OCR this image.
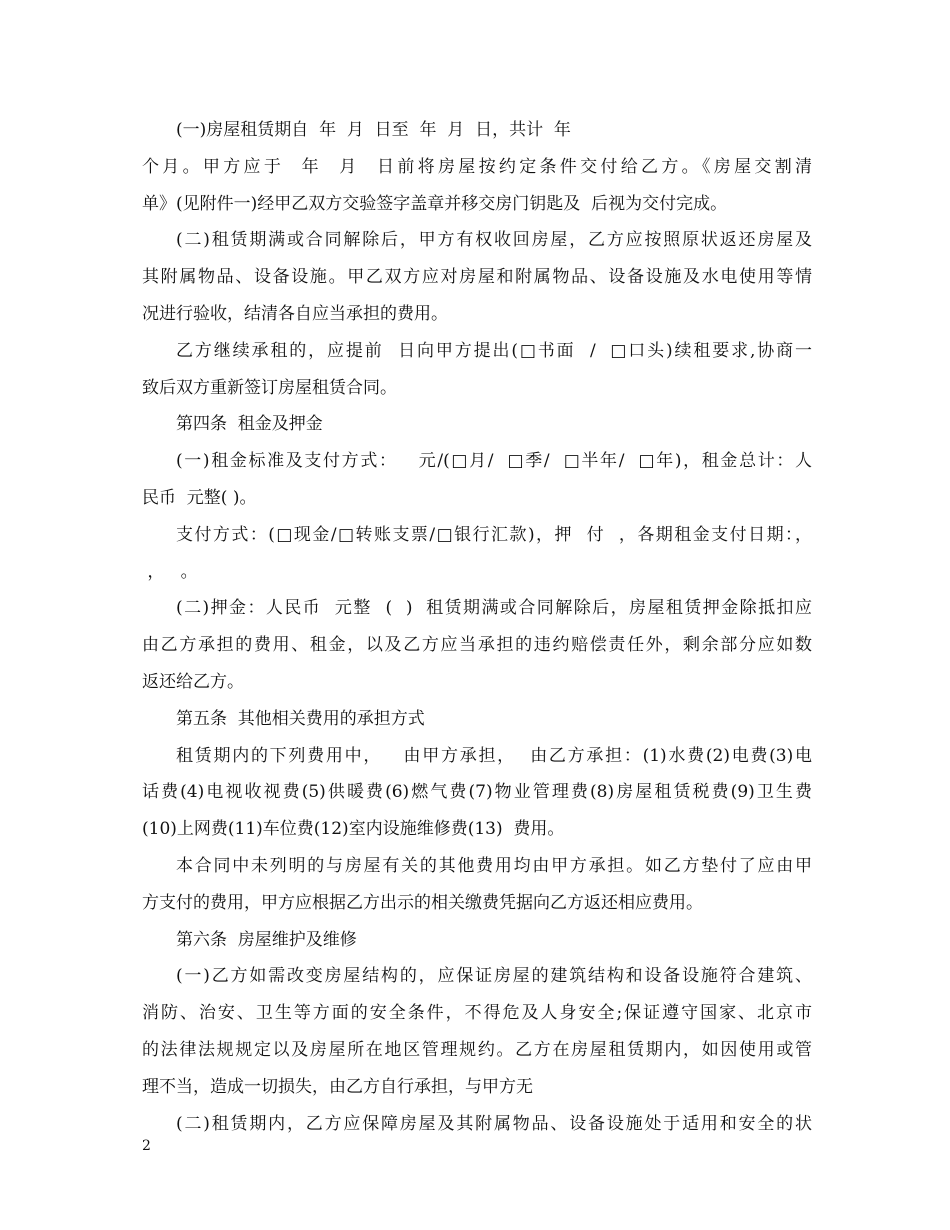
(一)房屋租赁期自  年  月  日至  年  月  日，共计  年
个月。甲方应于  年  月  日前将房屋按约定条件交付给乙方。《房屋交割清
单》(见附件一)经甲乙双方交验签字盖章并移交房门钥匙及  后视为交付完成。
(二)租赁期满或合同解除后，甲方有权收回房屋，乙方应按照原状返还房屋及
其附属物品、设备设施。甲乙双方应对房屋和附属物品、设备设施及水电使用等情
况进行验收，结清各自应当承担的费用。
乙方继续承租的，应提前  日向甲方提出(□书面  /  □口头)续租要求,协商一
致后双方重新签订房屋租赁合同。
第四条  租金及押金
(一)租金标准及支付方式：   元/(□月/  □季/  □半年/  □年)，租金总计：人
民币  元整( )。
支付方式：(□现金/□转账支票/□银行汇款)，押  付  ，各期租金支付日期：，
，   。
(二)押金：人民币  元整  (  )  租赁期满或合同解除后，房屋租赁押金除抵扣应
由乙方承担的费用、租金，以及乙方应当承担的违约赔偿责任外，剩余部分应如数
返还给乙方。
第五条  其他相关费用的承担方式
租赁期内的下列费用中，   由甲方承担，  由乙方承担：(1)水费(2)电费(3)电
话费(4)电视收视费(5)供暖费(6)燃气费(7)物业管理费(8)房屋租赁税费(9)卫生费
(10)上网费(11)车位费(12)室内设施维修费(13)  费用。
本合同中未列明的与房屋有关的其他费用均由甲方承担。如乙方垫付了应由甲
方支付的费用，甲方应根据乙方出示的相关缴费凭据向乙方返还相应费用。
第六条  房屋维护及维修
(一)乙方如需改变房屋结构的，应保证房屋的建筑结构和设备设施符合建筑、
消防、治安、卫生等方面的安全条件，不得危及人身安全;保证遵守国家、北京市
的法律法规规定以及房屋所在地区管理规约。乙方在房屋租赁期内，如因使用或管
理不当，造成一切损失，由乙方自行承担，与甲方无
(二)租赁期内，乙方应保障房屋及其附属物品、设备设施处于适用和安全的状
2
